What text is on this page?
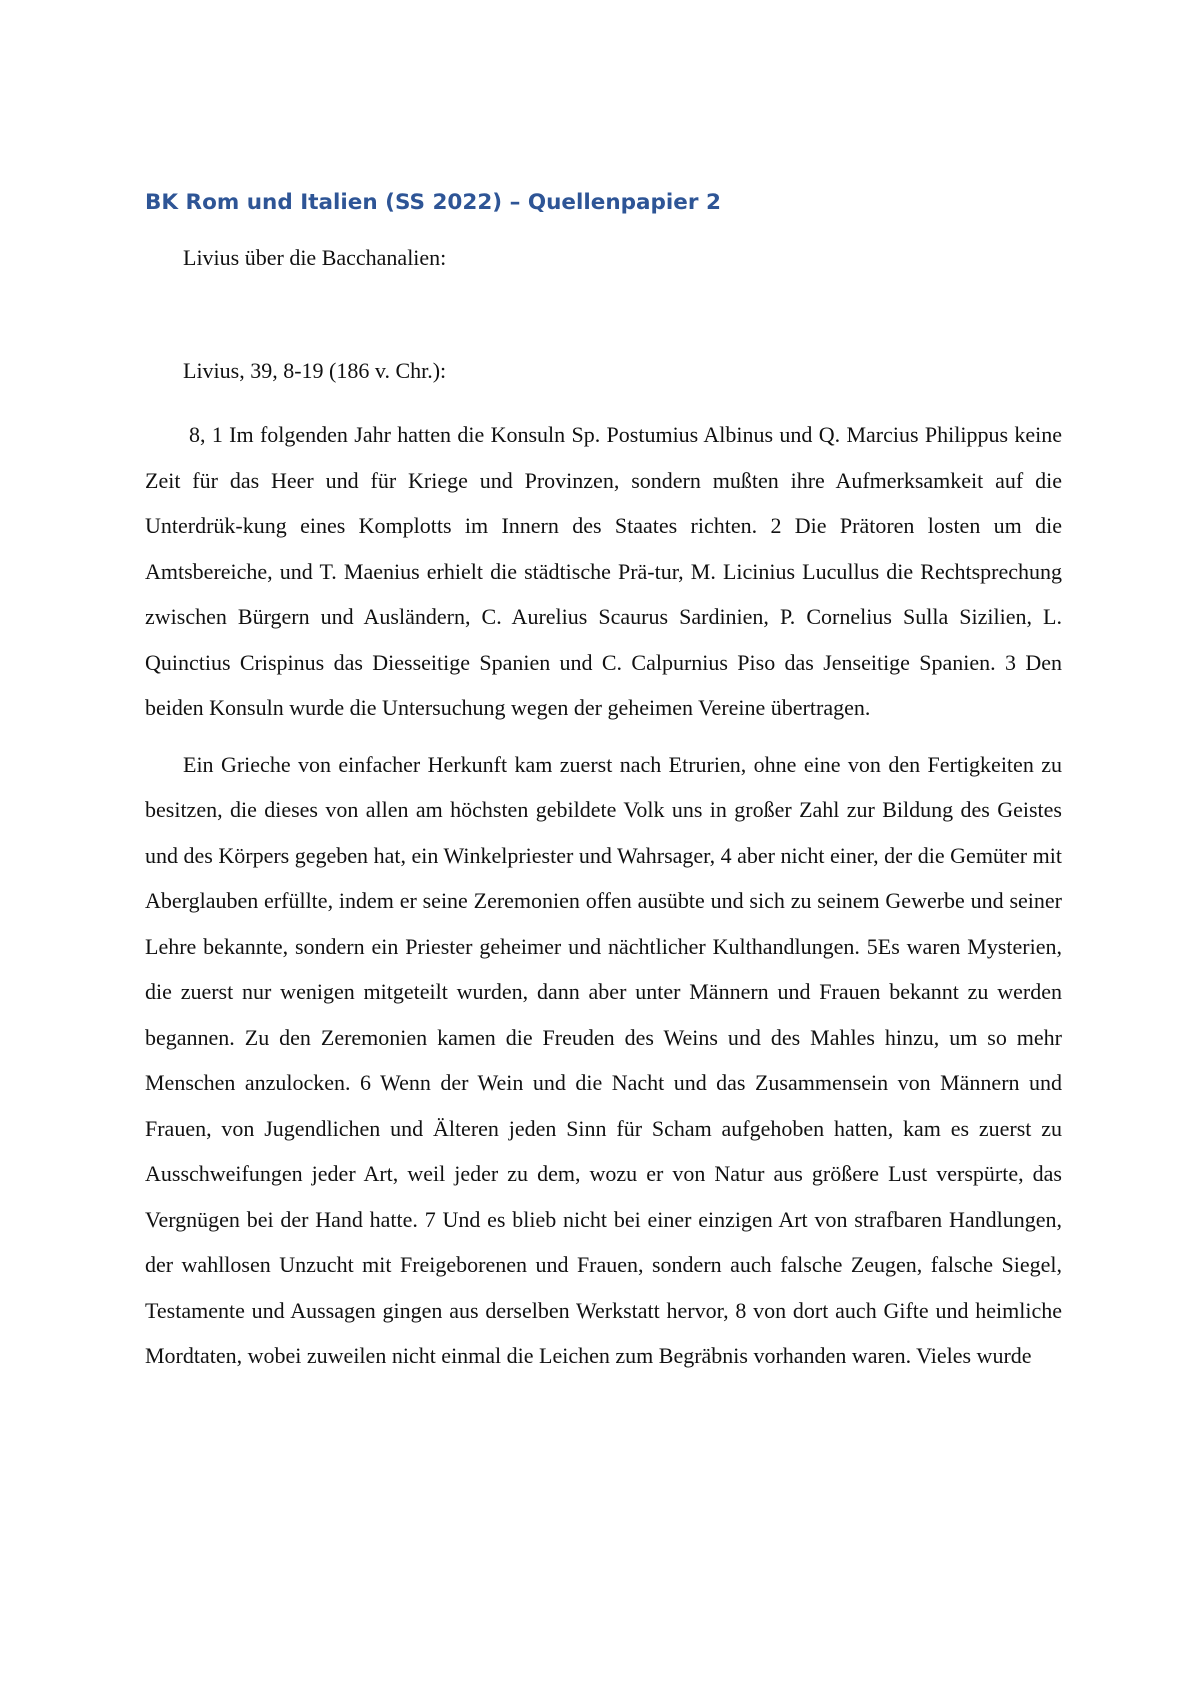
BK Rom und Italien (SS 2022) – Quellenpapier 2

Livius über die Bacchanalien:

Livius, 39, 8-19 (186 v. Chr.):

8, 1 Im folgenden Jahr hatten die Konsuln Sp. Postumius Albinus und Q. Marcius Philippus keine Zeit für das Heer und für Kriege und Provinzen, sondern mußten ihre Aufmerksamkeit auf die Unterdrük-kung eines Komplotts im Innern des Staates richten. 2 Die Prätoren losten um die Amtsbereiche, und T. Maenius erhielt die städtische Prä-tur, M. Licinius Lucullus die Rechtsprechung zwischen Bürgern und Ausländern, C. Aurelius Scaurus Sardinien, P. Cornelius Sulla Sizilien, L. Quinctius Crispinus das Diesseitige Spanien und C. Calpurnius Piso das Jenseitige Spanien. 3 Den beiden Konsuln wurde die Untersuchung wegen der geheimen Vereine übertragen.

Ein Grieche von einfacher Herkunft kam zuerst nach Etrurien, ohne eine von den Fertigkeiten zu besitzen, die dieses von allen am höchsten gebildete Volk uns in großer Zahl zur Bildung des Geistes und des Körpers gegeben hat, ein Winkelpriester und Wahrsager, 4 aber nicht einer, der die Gemüter mit Aberglauben erfüllte, indem er seine Zeremonien offen ausübte und sich zu seinem Gewerbe und seiner Lehre bekannte, sondern ein Priester geheimer und nächtlicher Kulthandlungen. 5Es waren Mysterien, die zuerst nur wenigen mitgeteilt wurden, dann aber unter Männern und Frauen bekannt zu werden begannen. Zu den Zeremonien kamen die Freuden des Weins und des Mahles hinzu, um so mehr Menschen anzulocken. 6 Wenn der Wein und die Nacht und das Zusammensein von Männern und Frauen, von Jugendlichen und Älteren jeden Sinn für Scham aufgehoben hatten, kam es zuerst zu Ausschweifungen jeder Art, weil jeder zu dem, wozu er von Natur aus größere Lust verspürte, das Vergnügen bei der Hand hatte. 7 Und es blieb nicht bei einer einzigen Art von strafbaren Handlungen, der wahllosen Unzucht mit Freigeborenen und Frauen, sondern auch falsche Zeugen, falsche Siegel, Testamente und Aussagen gingen aus derselben Werkstatt hervor, 8 von dort auch Gifte und heimliche Mordtaten, wobei zuweilen nicht einmal die Leichen zum Begräbnis vorhanden waren. Vieles wurde
